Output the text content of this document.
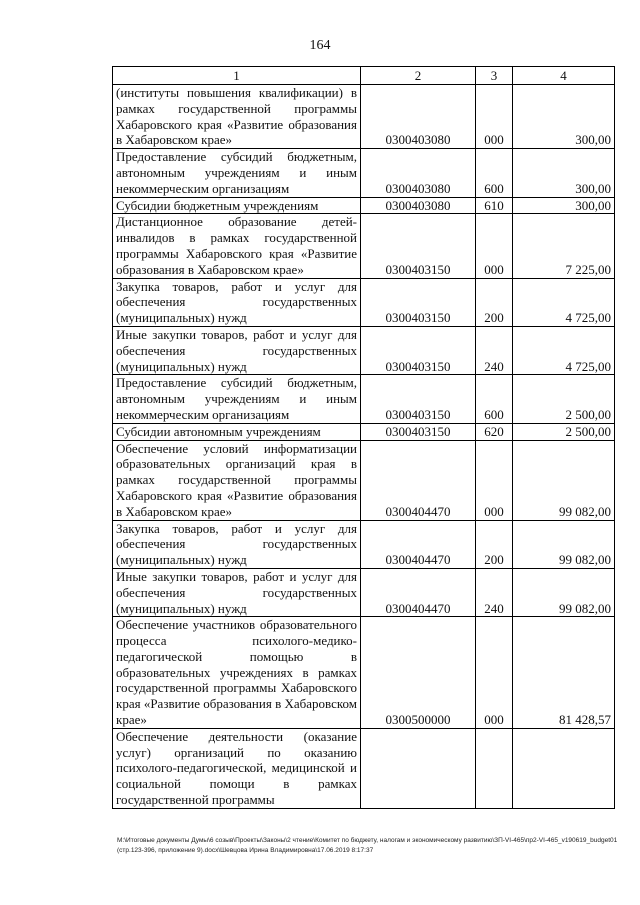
164
1	2	3	4
(институты повышения квалификации) в рамках государственной программы Хабаровского края «Развитие образования в Хабаровском крае»	0300403080	000	300,00
Предоставление субсидий бюджетным, автономным учреждениям и иным некоммерческим организациям	0300403080	600	300,00
Субсидии бюджетным учреждениям	0300403080	610	300,00
Дистанционное образование детей-инвалидов в рамках государственной программы Хабаровского края «Развитие образования в Хабаровском крае»	0300403150	000	7 225,00
Закупка товаров, работ и услуг для обеспечения государственных (муниципальных) нужд	0300403150	200	4 725,00
Иные закупки товаров, работ и услуг для обеспечения государственных (муниципальных) нужд	0300403150	240	4 725,00
Предоставление субсидий бюджетным, автономным учреждениям и иным некоммерческим организациям	0300403150	600	2 500,00
Субсидии автономным учреждениям	0300403150	620	2 500,00
Обеспечение условий информатизации образовательных организаций края в рамках государственной программы Хабаровского края «Развитие образования в Хабаровском крае»	0300404470	000	99 082,00
Закупка товаров, работ и услуг для обеспечения государственных (муниципальных) нужд	0300404470	200	99 082,00
Иные закупки товаров, работ и услуг для обеспечения государственных (муниципальных) нужд	0300404470	240	99 082,00
Обеспечение участников образовательного процесса психолого-медико-педагогической помощью в образовательных учреждениях в рамках государственной программы Хабаровского края «Развитие образования в Хабаровском крае»	0300500000	000	81 428,57
Обеспечение деятельности (оказание услуг) организаций по оказанию психолого-педагогической, медицинской и социальной помощи в рамках государственной программы			
M:\Итоговые документы Думы\6 созыв\Проекты\Законы\2 чтение\Комитет по бюджету, налогам и экономическому развитию\ЗП-VI-465\пр2-VI-465_v190619_budget01 (стр.123-396, приложение 9).docx\Шевцова Ирина Владимировна\17.06.2019 8:17:37
